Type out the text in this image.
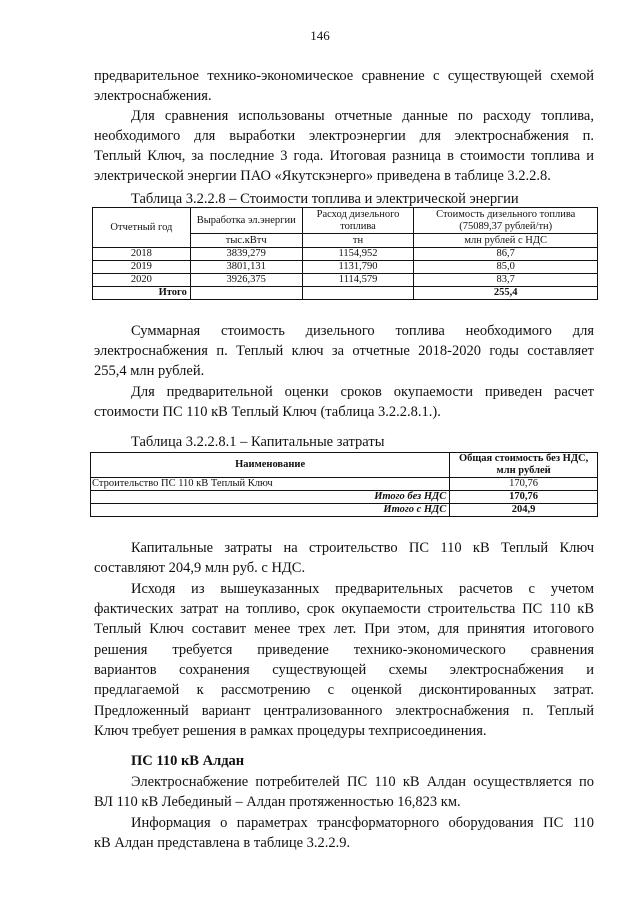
146
предварительное технико-экономическое сравнение с существующей схемой
электроснабжения.
Для сравнения использованы отчетные данные по расходу топлива,
необходимого для выработки электроэнергии для электроснабжения п.
Теплый Ключ, за последние 3 года. Итоговая разница в стоимости топлива и
электрической энергии ПАО «Якутскэнерго» приведена в таблице 3.2.2.8.
Таблица 3.2.2.8 – Стоимости топлива и электрической энергии
Отчетный год	Выработка эл.энергии	Расход дизельного топлива	Стоимость дизельного топлива (75089,37 рублей/тн)
	тыс.кВтч	тн	млн рублей с НДС
2018	3839,279	1154,952	86,7
2019	3801,131	1131,790	85,0
2020	3926,375	1114,579	83,7
Итого			255,4
Суммарная стоимость дизельного топлива необходимого для
электроснабжения п. Теплый ключ за отчетные 2018-2020 годы составляет
255,4 млн рублей.
Для предварительной оценки сроков окупаемости приведен расчет
стоимости ПС 110 кВ Теплый Ключ (таблица 3.2.2.8.1.).
Таблица 3.2.2.8.1 – Капитальные затраты
Наименование	Общая стоимость без НДС, млн рублей
Строительство ПС 110 кВ Теплый Ключ	170,76
Итого без НДС	170,76
Итого с НДС	204,9
Капитальные затраты на строительство ПС 110 кВ Теплый Ключ
составляют 204,9 млн руб. с НДС.
Исходя из вышеуказанных предварительных расчетов с учетом
фактических затрат на топливо, срок окупаемости строительства ПС 110 кВ
Теплый Ключ составит менее трех лет. При этом, для принятия итогового
решения требуется приведение технико-экономического сравнения
вариантов сохранения существующей схемы электроснабжения и
предлагаемой к рассмотрению с оценкой дисконтированных затрат.
Предложенный вариант централизованного электроснабжения п. Теплый
Ключ требует решения в рамках процедуры техприсоединения.
ПС 110 кВ Алдан
Электроснабжение потребителей ПС 110 кВ Алдан осуществляется по
ВЛ 110 кВ Лебединый – Алдан протяженностью 16,823 км.
Информация о параметрах трансформаторного оборудования ПС 110
кВ Алдан представлена в таблице 3.2.2.9.
